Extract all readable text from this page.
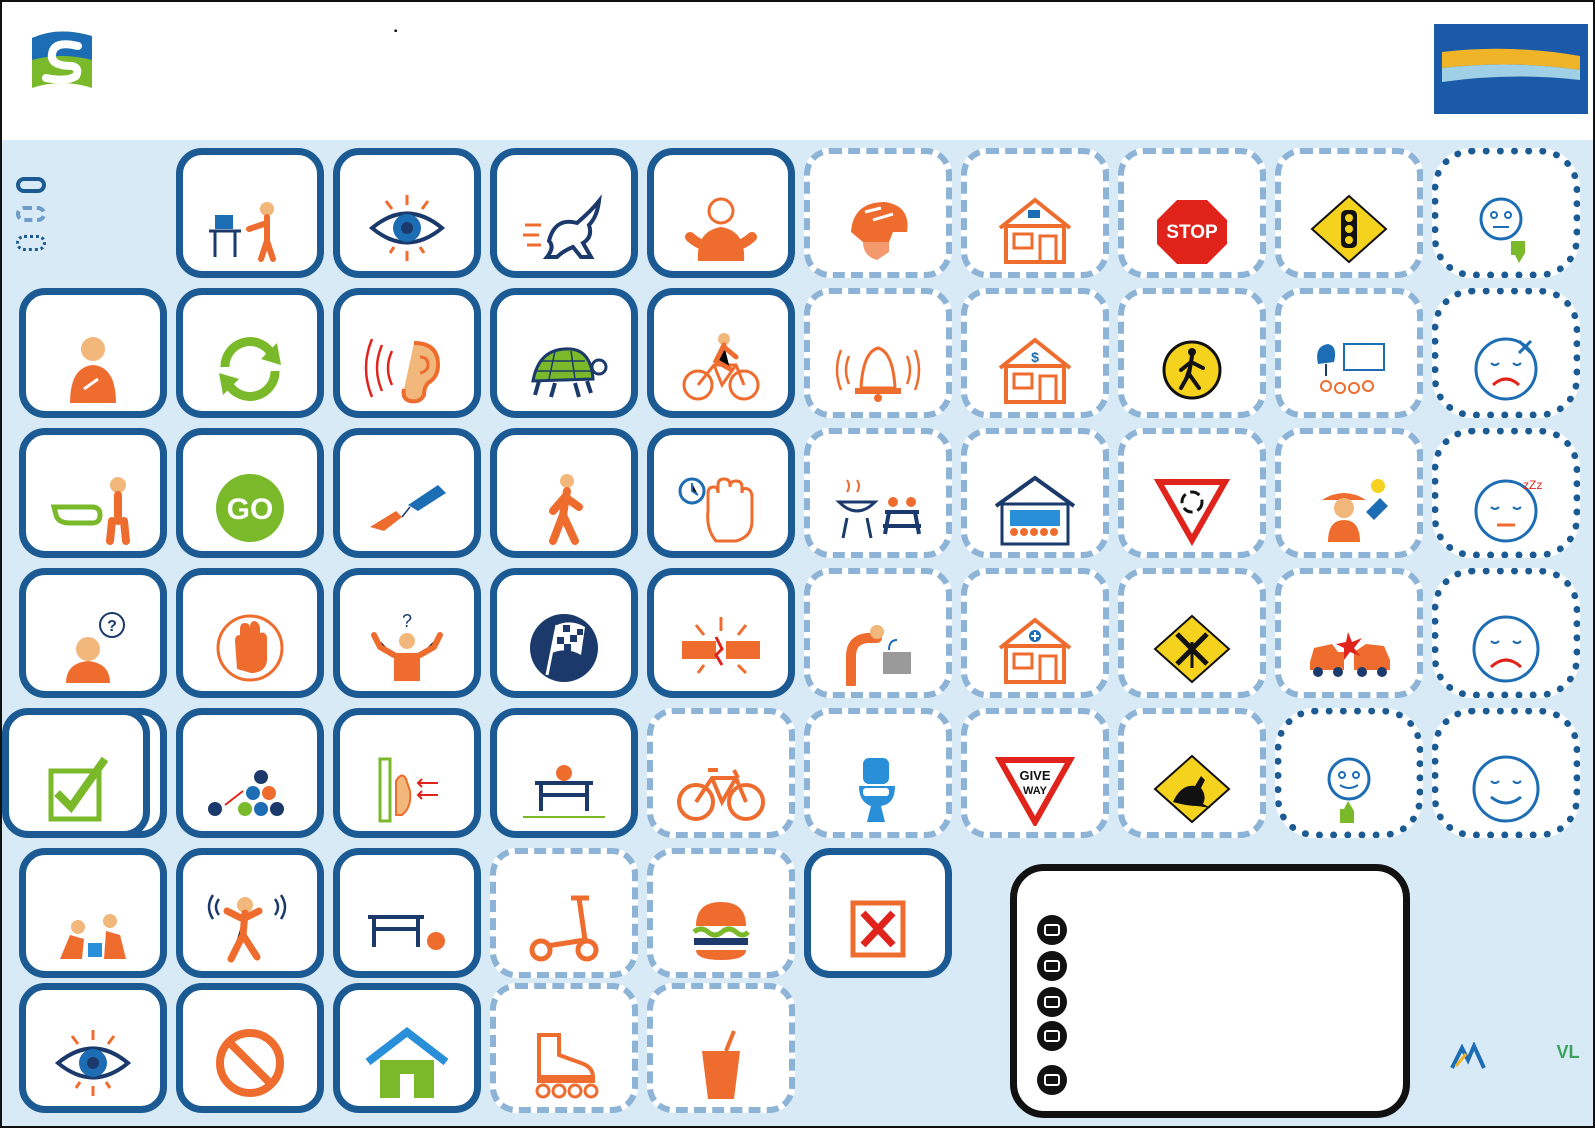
STOP
$
GO
zZz
?	?
GIVE
WAY
VL
